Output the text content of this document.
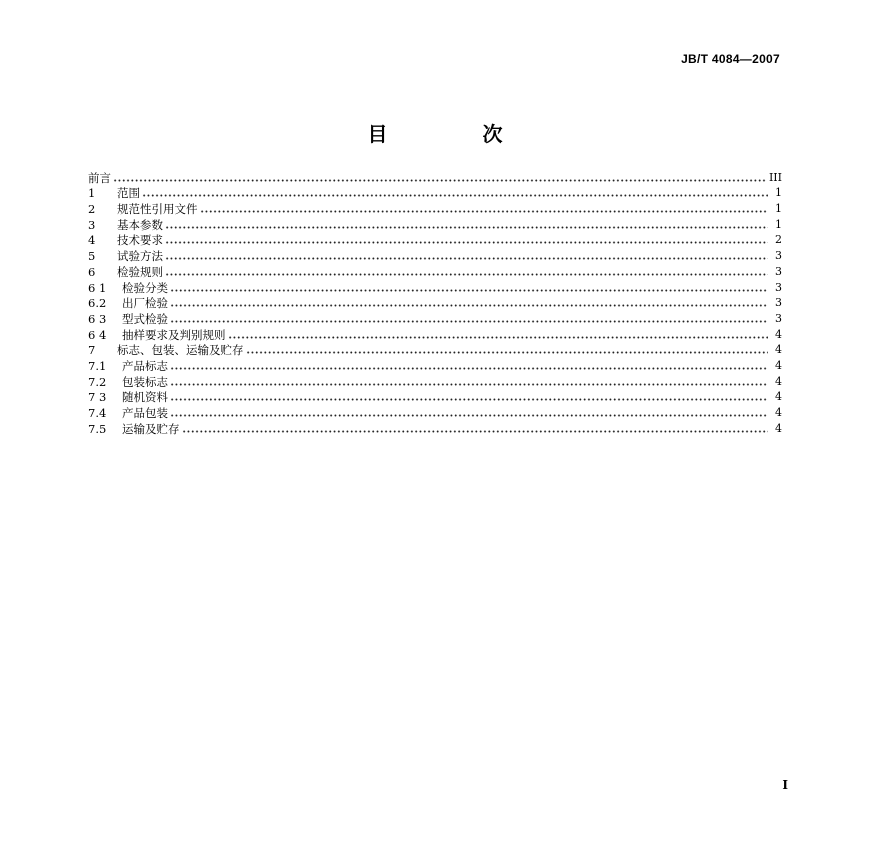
JB/T 4084—2007
目 次
前言	III
1	范围	1
2	规范性引用文件	1
3	基本参数	1
4	技术要求	2
5	试验方法	3
6	检验规则	3
6 1	检验分类	3
6.2	出厂检验	3
6 3	型式检验	3
6 4	抽样要求及判别规则	4
7	标志、包装、运输及贮存	4
7.1	产品标志	4
7.2	包装标志	4
7 3	随机资料	4
7.4	产品包装	4
7.5	运输及贮存	4
I
